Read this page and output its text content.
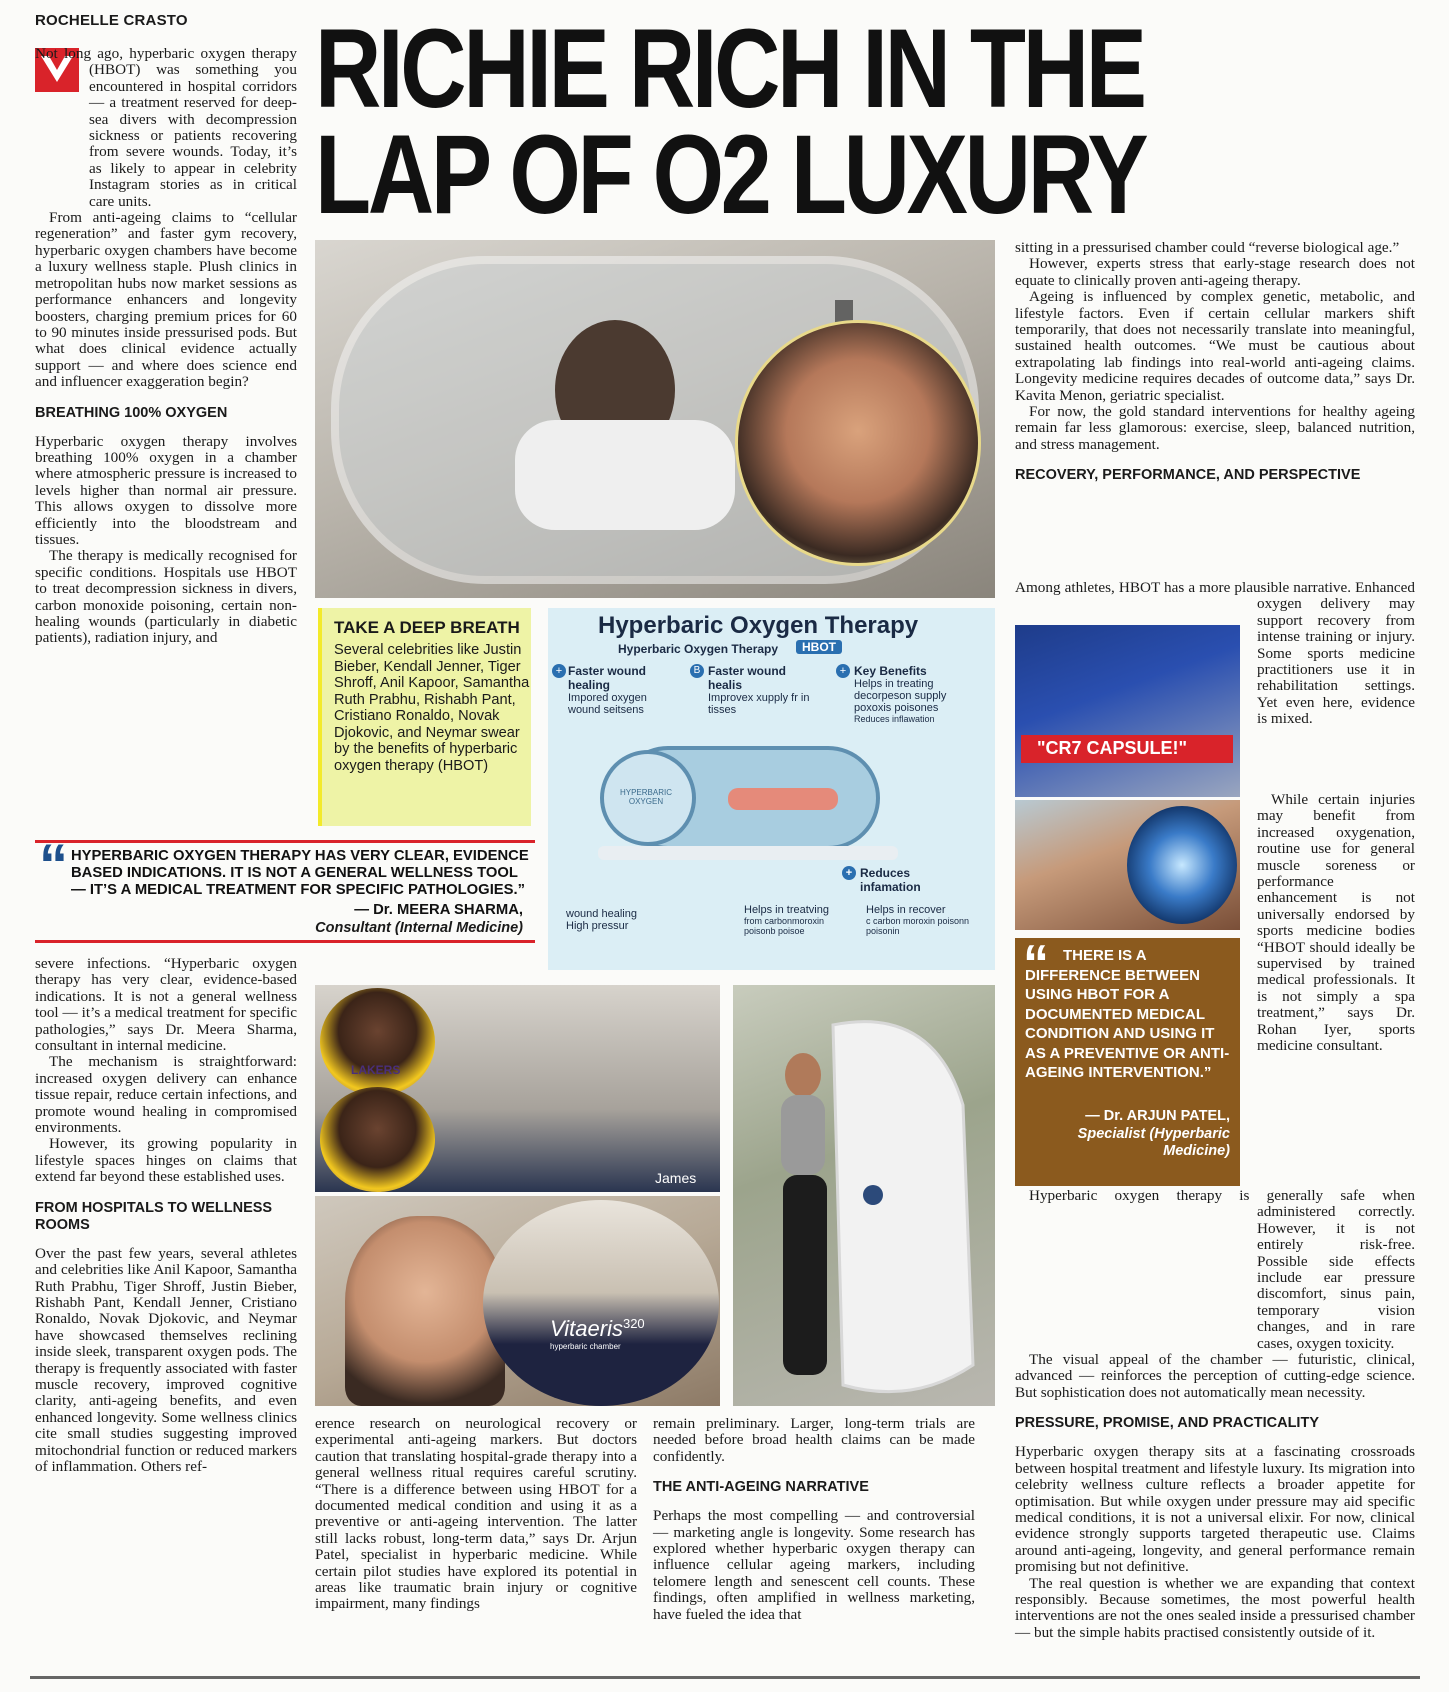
ROCHELLE CRASTO RICHIE RICH IN THE
LAP OF O2 LUXURY

Not long ago, hyperbaric oxygen therapy (HBOT) was something you encountered in hospital corridors — a treatment reserved for deep-sea divers with decompression sickness or patients recovering from severe wounds. Today, it’s as likely to appear in celebrity Instagram stories as in critical care units.

From anti-ageing claims to “cellular regeneration” and faster gym recovery, hyperbaric oxygen chambers have become a luxury wellness staple. Plush clinics in metropolitan hubs now market sessions as performance enhancers and longevity boosters, charging premium prices for 60 to 90 minutes inside pressurised pods. But what does clinical evidence actually support — and where does science end and influencer exaggeration begin?

BREATHING 100% OXYGEN

Hyperbaric oxygen therapy involves breathing 100% oxygen in a chamber where atmospheric pressure is increased to levels higher than normal air pressure. This allows oxygen to dissolve more efficiently into the bloodstream and tissues.

The therapy is medically recognised for specific conditions. Hospitals use HBOT to treat decompression sickness in divers, carbon monoxide poisoning, certain non-healing wounds (particularly in diabetic patients), radiation injury, and

“ HYPERBARIC OXYGEN THERAPY HAS VERY CLEAR, EVIDENCE BASED INDICATIONS. IT IS NOT A GENERAL WELLNESS TOOL — IT’S A MEDICAL TREATMENT FOR SPECIFIC PATHOLOGIES.”
— Dr. MEERA SHARMA,
Consultant (Internal Medicine)

severe infections. “Hyperbaric oxygen therapy has very clear, evidence-based indications. It is not a general wellness tool — it’s a medical treatment for specific pathologies,” says Dr. Meera Sharma, consultant in internal medicine.

The mechanism is straightforward: increased oxygen delivery can enhance tissue repair, reduce certain infections, and promote wound healing in compromised environments.

However, its growing popularity in lifestyle spaces hinges on claims that extend far beyond these established uses.

FROM HOSPITALS TO WELLNESS ROOMS

Over the past few years, several athletes and celebrities like Anil Kapoor, Samantha Ruth Prabhu, Tiger Shroff, Justin Bieber, Rishabh Pant, Kendall Jenner, Cristiano Ronaldo, Novak Djokovic, and Neymar have showcased themselves reclining inside sleek, transparent oxygen pods. The therapy is frequently associated with faster muscle recovery, improved cognitive clarity, anti-ageing benefits, and even enhanced longevity. Some wellness clinics cite small studies suggesting improved mitochondrial function or reduced markers of inflammation. Others ref-

TAKE A DEEP BREATH

Several celebrities like Justin Bieber, Kendall Jenner, Tiger Shroff, Anil Kapoor, Samantha Ruth Prabhu, Rishabh Pant, Cristiano Ronaldo, Novak Djokovic, and Neymar swear by the benefits of hyperbaric oxygen therapy (HBOT)

Hyperbaric Oxygen Therapy
Hyperbaric Oxygen Therapy	HBOT
+ Faster wound healing
Impored oxygen wound seitsens
B Faster wound healis
Improvex xupply fr in tisses
+ Key Benefits
Helps in treating decorpeson supply poxoxis poisones
Reduces inflawation
HYPERBARIC OXYGEN
+ Reduces infamation
wound healing
High pressur
Helps in treatving
from carbonmoroxin poisonb poisoe
Helps in recover
c carbon moroxin poisonn poisonin
LAKERS
James
Vitaeris$^{320}$
hyperbaric chamber

erence research on neurological recovery or experimental anti-ageing markers. But doctors caution that translating hospital-grade therapy into a general wellness ritual requires careful scrutiny. “There is a difference between using HBOT for a documented medical condition and using it as a preventive or anti-ageing intervention. The latter still lacks robust, long-term data,” says Dr. Arjun Patel, specialist in hyperbaric medicine. While certain pilot studies have explored its potential in areas like traumatic brain injury or cognitive impairment, many findings

remain preliminary. Larger, long-term trials are needed before broad health claims can be made confidently.

THE ANTI-AGEING NARRATIVE

Perhaps the most compelling — and controversial — marketing angle is longevity. Some research has explored whether hyperbaric oxygen therapy can influence cellular ageing markers, including telomere length and senescent cell counts. These findings, often amplified in wellness marketing, have fueled the idea that

sitting in a pressurised chamber could “reverse biological age.”

However, experts stress that early-stage research does not equate to clinically proven anti-ageing therapy.

Ageing is influenced by complex genetic, metabolic, and lifestyle factors. Even if certain cellular markers shift temporarily, that does not necessarily translate into meaningful, sustained health outcomes. “We must be cautious about extrapolating lab findings into real-world anti-ageing claims. Longevity medicine requires decades of outcome data,” says Dr. Kavita Menon, geriatric specialist.

For now, the gold standard interventions for healthy ageing remain far less glamorous: exercise, sleep, balanced nutrition, and stress management.

RECOVERY, PERFORMANCE, AND PERSPECTIVE

Among athletes, HBOT has a more plausible narrative. Enhanced oxygen delivery may support recovery from intense training or injury. Some sports medicine practitioners use it in rehabilitation settings. Yet even here, evidence is mixed.

While certain injuries may benefit from increased oxygenation, routine use for general muscle soreness or performance enhancement is not universally endorsed by sports medicine bodies “HBOT should ideally be supervised by trained medical professionals. It is not simply a spa treatment,” says Dr. Rohan Iyer, sports medicine consultant.

"CR7 CAPSULE!"
“ THERE IS A DIFFERENCE BETWEEN USING HBOT FOR A DOCUMENTED MEDICAL CONDITION AND USING IT AS A PREVENTIVE OR ANTI-AGEING INTERVENTION.”
— Dr. ARJUN PATEL,
Specialist (Hyperbaric Medicine)

Hyperbaric oxygen therapy is generally safe when administered correctly. However, it is not entirely risk-free. Possible side effects include ear pressure discomfort, sinus pain, temporary vision changes, and in rare cases, oxygen toxicity.

The visual appeal of the chamber — futuristic, clinical, advanced — reinforces the perception of cutting-edge science. But sophistication does not automatically mean necessity.

PRESSURE, PROMISE, AND PRACTICALITY

Hyperbaric oxygen therapy sits at a fascinating crossroads between hospital treatment and lifestyle luxury. Its migration into celebrity wellness culture reflects a broader appetite for optimisation. But while oxygen under pressure may aid specific medical conditions, it is not a universal elixir. For now, clinical evidence strongly supports targeted therapeutic use. Claims around anti-ageing, longevity, and general performance remain promising but not definitive.

The real question is whether we are expanding that context responsibly. Because sometimes, the most powerful health interventions are not the ones sealed inside a pressurised chamber — but the simple habits practised consistently outside of it.
